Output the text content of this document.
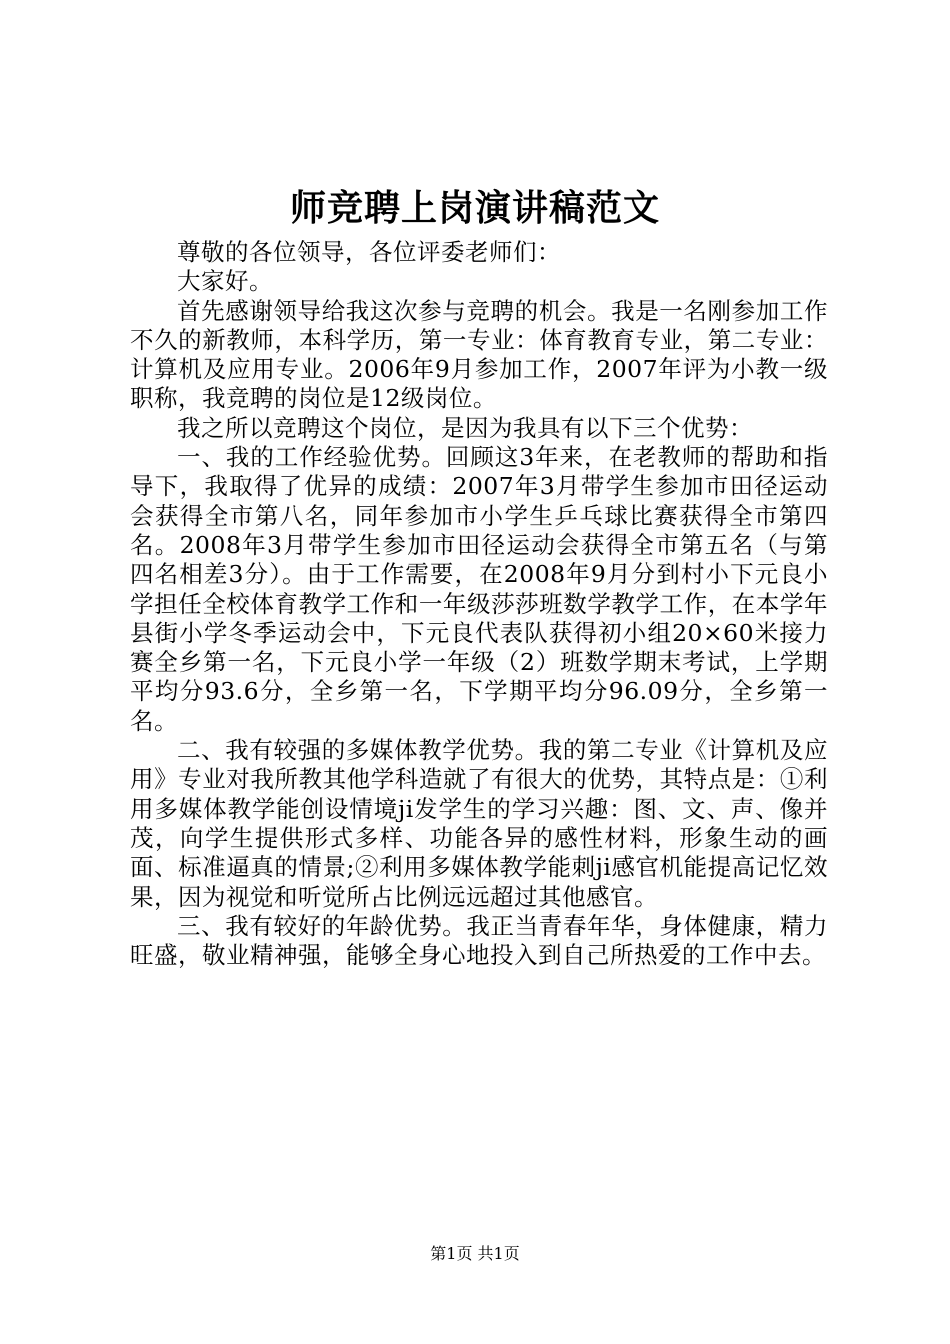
师竞聘上岗演讲稿范文

尊敬的各位领导，各位评委老师们：

大家好。

首先感谢领导给我这次参与竞聘的机会。我是一名刚参加工作不久的新教师，本科学历，第一专业：体育教育专业，第二专业：计算机及应用专业。2006年9月参加工作，2007年评为小教一级职称，我竞聘的岗位是12级岗位。

我之所以竞聘这个岗位，是因为我具有以下三个优势：

一、我的工作经验优势。回顾这3年来，在老教师的帮助和指导下，我取得了优异的成绩：2007年3月带学生参加市田径运动会获得全市第八名，同年参加市小学生乒乓球比赛获得全市第四名。2008年3月带学生参加市田径运动会获得全市第五名（与第四名相差3分）。由于工作需要，在2008年9月分到村小下元良小学担任全校体育教学工作和一年级莎莎班数学教学工作，在本学年县街小学冬季运动会中，下元良代表队获得初小组20×60米接力赛全乡第一名，下元良小学一年级（2）班数学期末考试，上学期平均分93.6分，全乡第一名，下学期平均分96.09分，全乡第一名。

二、我有较强的多媒体教学优势。我的第二专业《计算机及应用》专业对我所教其他学科造就了有很大的优势，其特点是：①利用多媒体教学能创设情境ji发学生的学习兴趣：图、文、声、像并茂，向学生提供形式多样、功能各异的感性材料，形象生动的画面、标准逼真的情景;②利用多媒体教学能刺ji感官机能提高记忆效果，因为视觉和听觉所占比例远远超过其他感官。

三、我有较好的年龄优势。我正当青春年华，身体健康，精力旺盛，敬业精神强，能够全身心地投入到自己所热爱的工作中去。

第1页 共1页
